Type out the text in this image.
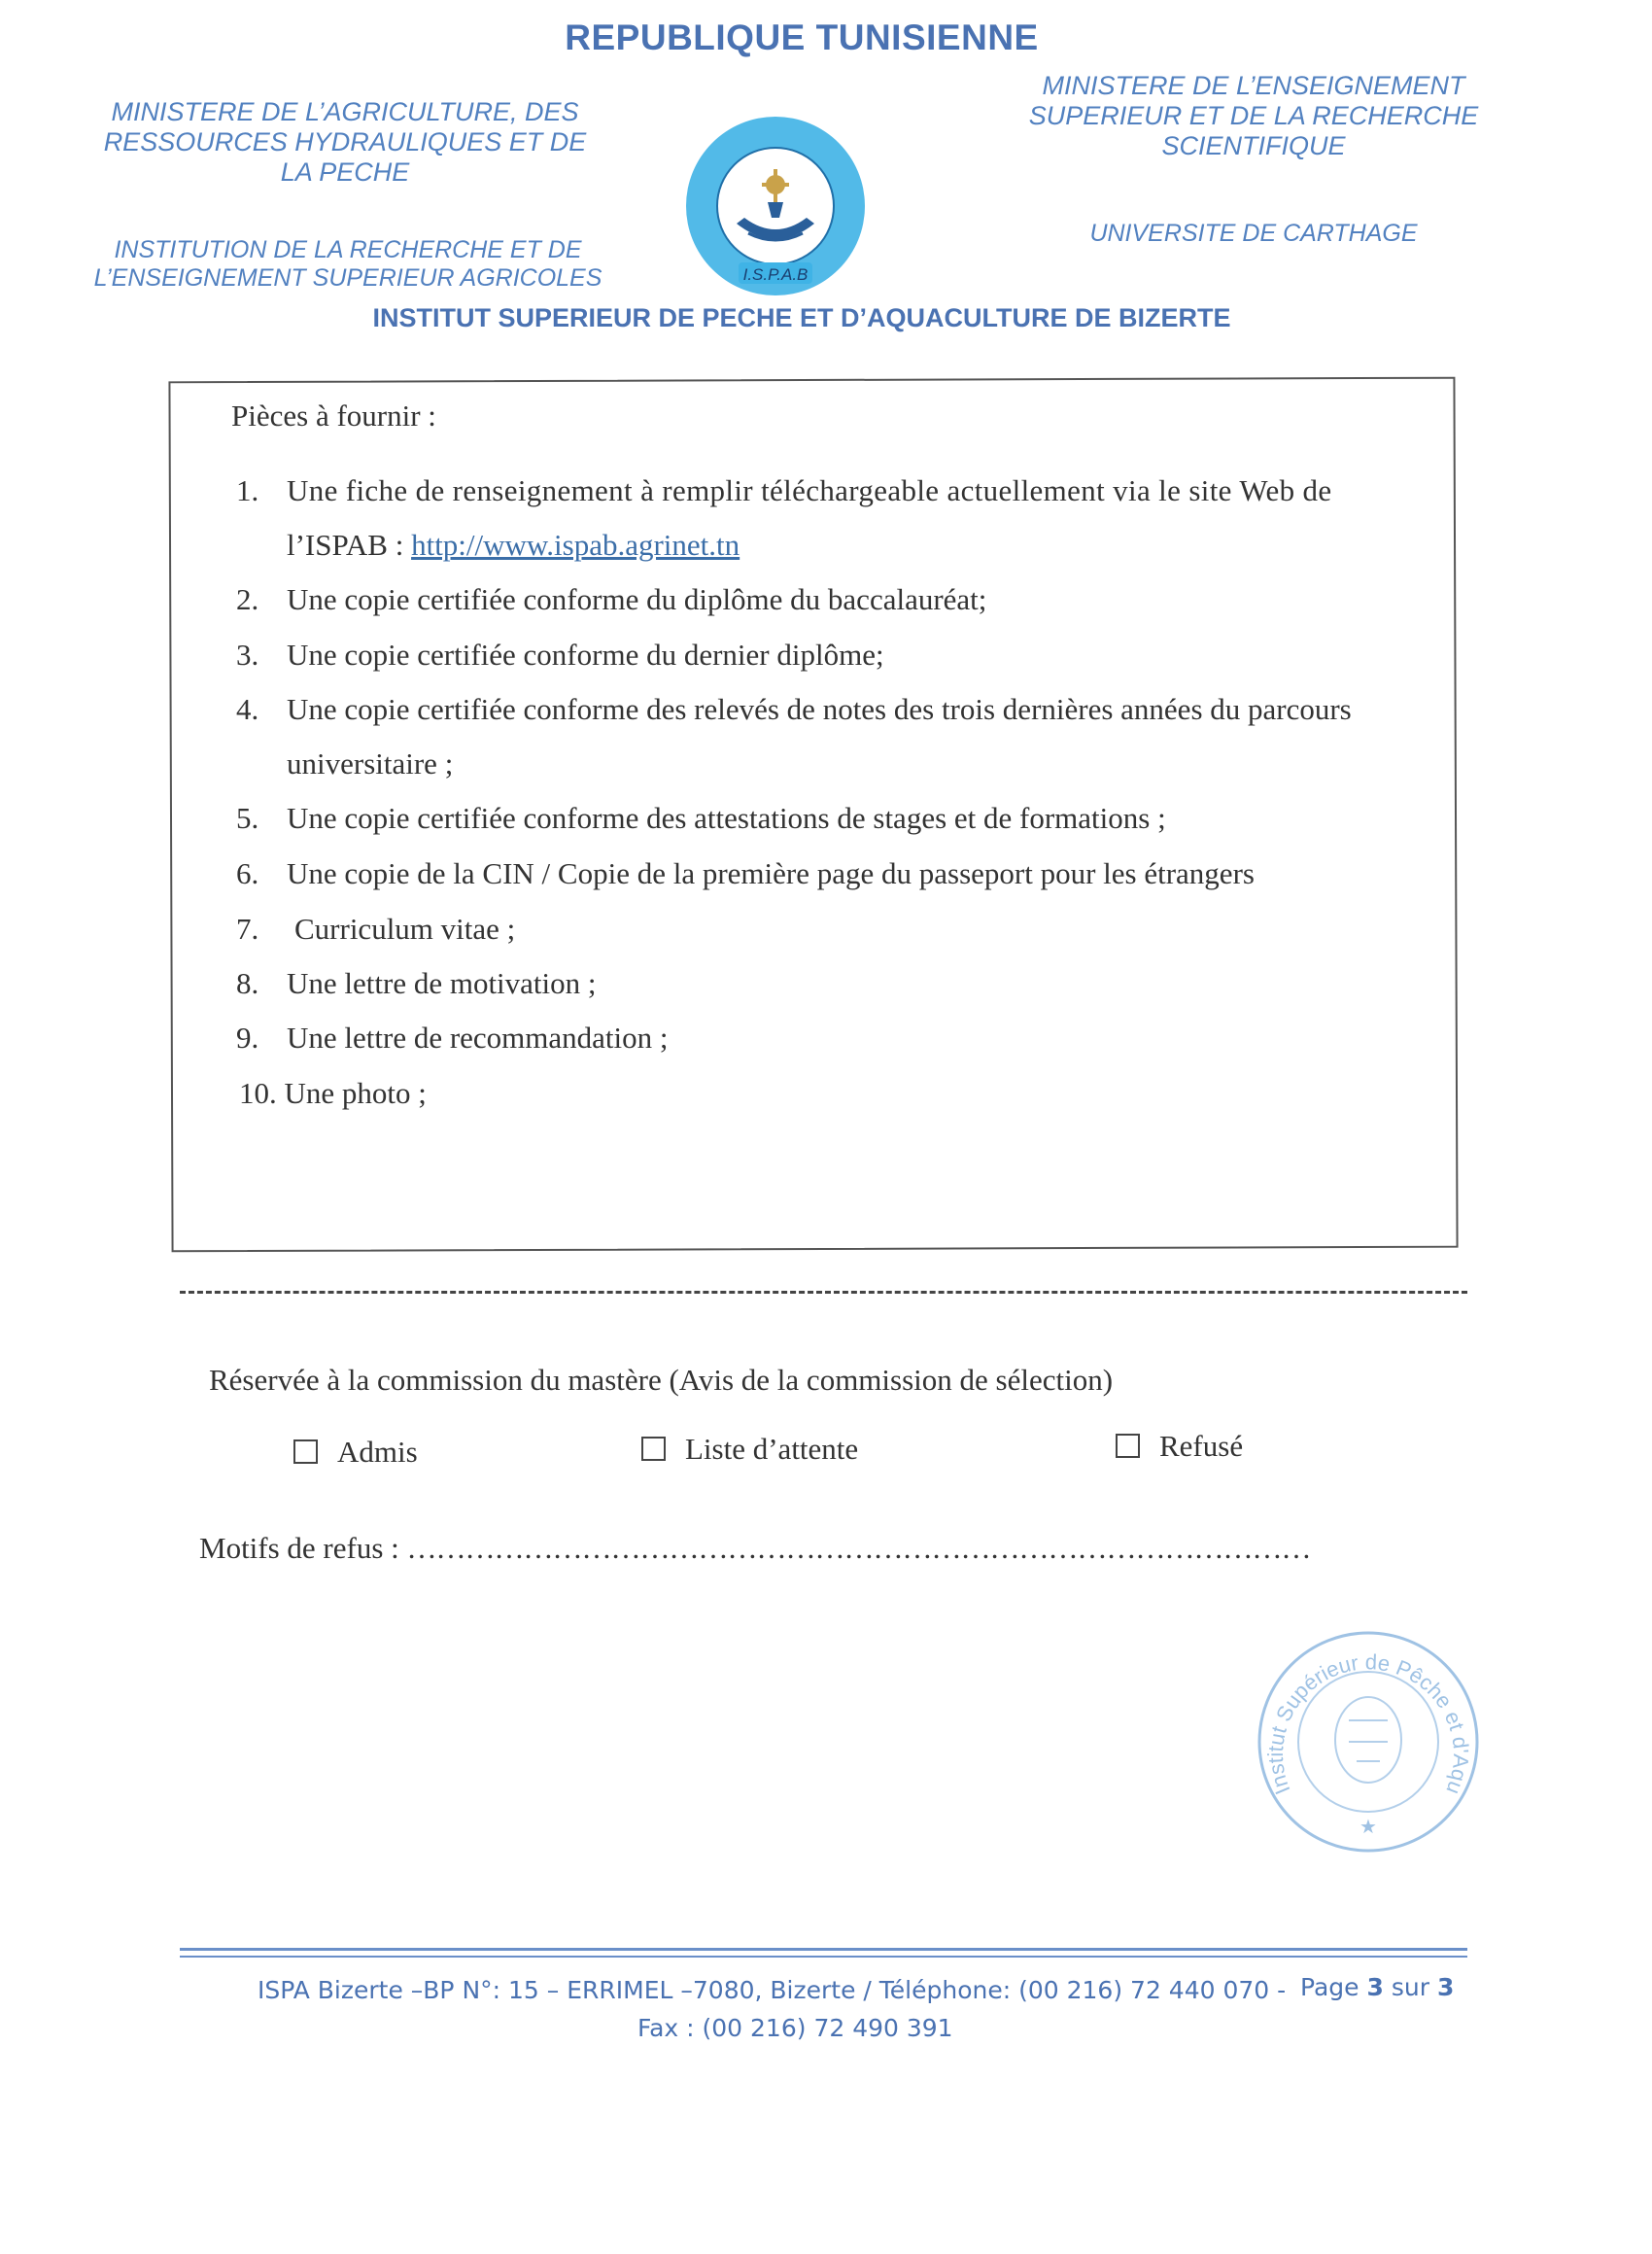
REPUBLIQUE TUNISIENNE
MINISTERE DE L’AGRICULTURE, DES
RESSOURCES HYDRAULIQUES ET DE
LA PECHE
INSTITUTION DE LA RECHERCHE ET DE
L’ENSEIGNEMENT SUPERIEUR AGRICOLES
MINISTERE DE L’ENSEIGNEMENT
SUPERIEUR ET DE LA RECHERCHE
SCIENTIFIQUE
UNIVERSITE DE CARTHAGE
I.S.P.A.B
INSTITUT SUPERIEUR DE PECHE ET D’AQUACULTURE DE BIZERTE
Pièces à fournir :
1. Une fiche de renseignement à remplir téléchargeable actuellement via le site Web de
l’ISPAB : http://www.ispab.agrinet.tn
2. Une copie certifiée conforme du diplôme du baccalauréat;
3. Une copie certifiée conforme du dernier diplôme;
4. Une copie certifiée conforme des relevés de notes des trois dernières années du parcours
universitaire ;
5. Une copie certifiée conforme des attestations de stages et de formations ;
6. Une copie de la CIN / Copie de la première page du passeport pour les étrangers
7. Curriculum vitae ;
8. Une lettre de motivation ;
9. Une lettre de recommandation ;
10. Une photo ;
Réservée à la commission du mastère (Avis de la commission de sélection)
Admis	Liste d’attente	Refusé
Motifs de refus : …………………………………………………………………………………
Institut Supérieur de Pêche et d'Aqu
★
ISPA Bizerte –BP N°: 15 – ERRIMEL –7080, Bizerte / Téléphone: (00 216) 72 440 070 - Page 3 sur 3
Fax : (00 216) 72 490 391
